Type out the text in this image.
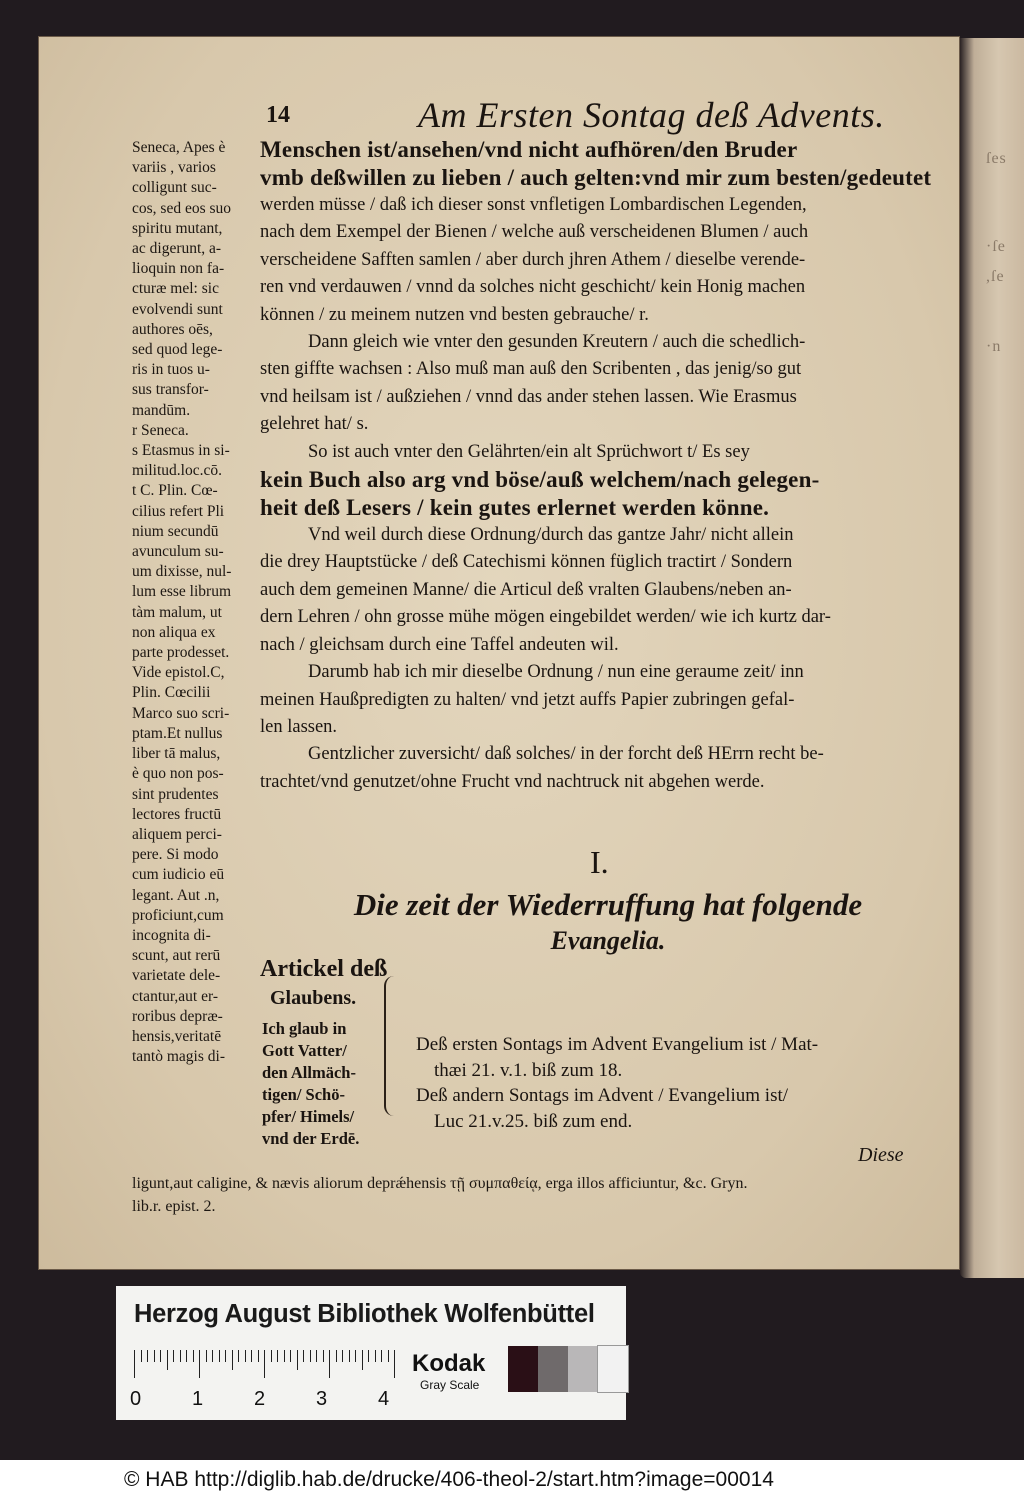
ſes
·ſe
,ſe
·n
14	Am Ersten Sontag deß Advents.
Seneca, Apes è
variis , varios
colligunt suc-
cos, sed eos suo
spiritu mutant,
ac digerunt, a-
lioquin non fa-
cturæ mel: sic
evolvendi sunt
authores oēs,
sed quod lege-
ris in tuos u-
sus transfor-
mandūm.
r Seneca.
s Etasmus in si-
militud.loc.cō.
t C. Plin. Cœ-
cilius refert Pli
nium secundū
avunculum su-
um dixisse, nul-
lum esse librum
tàm malum, ut
non aliqua ex
parte prodesset.
Vide epistol.C,
Plin. Cœcilii
Marco suo scri-
ptam.Et nullus
liber tā malus,
è quo non pos-
sint prudentes
lectores fructū
aliquem perci-
pere. Si modo
cum iudicio eū
legant. Aut .n,
proficiunt,cum
incognita di-
scunt, aut rerū
varietate dele-
ctantur,aut er-
roribus depræ-
hensis,veritatē
tantò magis di-
Menschen ist/ansehen/vnd nicht aufhören/den Bruder
vmb deßwillen zu lieben / auch gelten:vnd mir zum besten/gedeutet
werden müsse / daß ich dieser sonst vnfletigen Lombardischen Legenden,
nach dem Exempel der Bienen / welche auß verscheidenen Blumen / auch
verscheidene Safften samlen / aber durch jhren Athem / dieselbe verende-
ren vnd verdauwen / vnnd da solches nicht geschicht/ kein Honig machen
können / zu meinem nutzen vnd besten gebrauche/ r.
Dann gleich wie vnter den gesunden Kreutern / auch die schedlich-
sten giffte wachsen : Also muß man auß den Scribenten , das jenig/so gut
vnd heilsam ist / außziehen / vnnd das ander stehen lassen. Wie Erasmus
gelehret hat/ s.
So ist auch vnter den Gelährten/ein alt Sprüchwort t/ Es sey
kein Buch also arg vnd böse/auß welchem/nach gelegen-
heit deß Lesers / kein gutes erlernet werden könne.
Vnd weil durch diese Ordnung/durch das gantze Jahr/ nicht allein
die drey Hauptstücke / deß Catechismi können füglich tractirt / Sondern
auch dem gemeinen Manne/ die Articul deß vralten Glaubens/neben an-
dern Lehren / ohn grosse mühe mögen eingebildet werden/ wie ich kurtz dar-
nach / gleichsam durch eine Taffel andeuten wil.
Darumb hab ich mir dieselbe Ordnung / nun eine geraume zeit/ inn
meinen Haußpredigten zu halten/ vnd jetzt auffs Papier zubringen gefal-
len lassen.
Gentzlicher zuversicht/ daß solches/ in der forcht deß HErrn recht be-
trachtet/vnd genutzet/ohne Frucht vnd nachtruck nit abgehen werde.
I.
Die zeit der Wiederruffung hat folgende
Evangelia.
Artickel deß
Glaubens.
Ich glaub in
Gott Vatter/
den Allmäch-
tigen/ Schö-
pfer/ Himels/
vnd der Erdē.
Deß ersten Sontags im Advent Evangelium ist / Mat-
thæi 21. v.1. biß zum 18.
Deß andern Sontags im Advent / Evangelium ist/
Luc 21.v.25. biß zum end.
Diese
ligunt,aut caligine, & nævis aliorum deprǽhensis τῇ συμπαθείᾳ, erga illos afficiuntur, &c. Gryn.
lib.r. epist. 2.
Herzog August Bibliothek Wolfenbüttel
0	1	2	3	4
Kodak
Gray Scale
© HAB http://diglib.hab.de/drucke/406-theol-2/start.htm?image=00014
